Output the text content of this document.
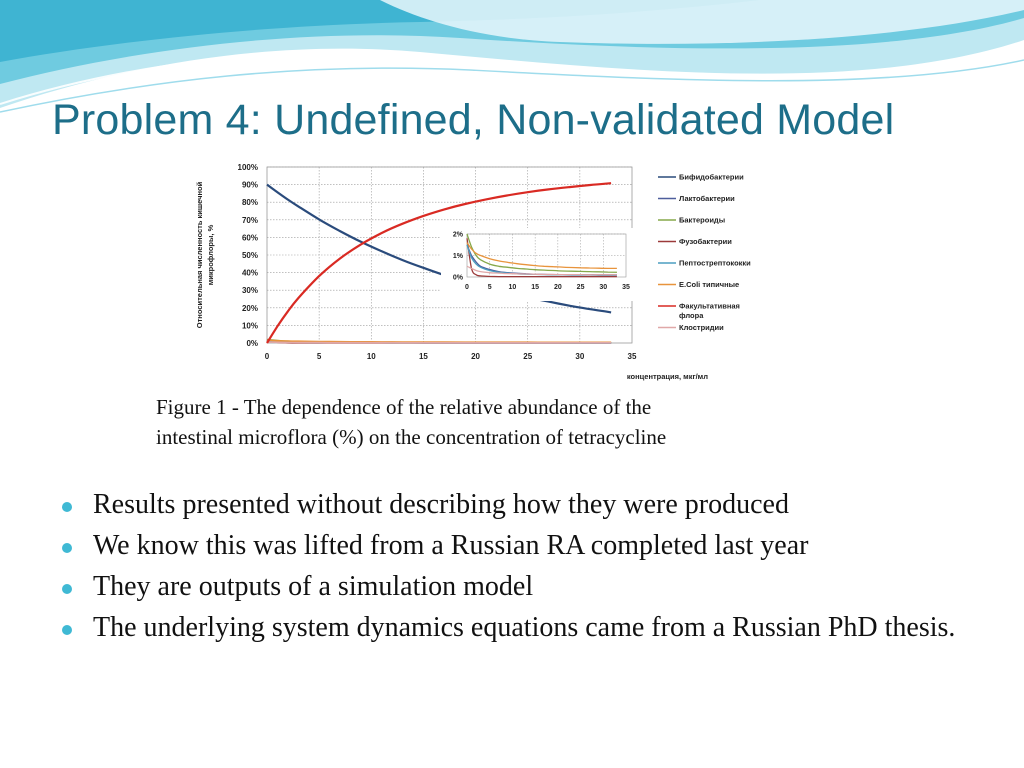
Problem 4: Undefined, Non-validated Model
0%
10%
20%
30%
40%
50%
60%
70%
80%
90%
100%
0	5	10	15	20	25	30	35
0%
1%
2%
0	5 10 15 20 25 30 35
Относительная численность кишечной микрофлоры, %
концентрация, мкг/мл
Бифидобактерии
Лактобактерии
Бактероиды
Фузобактерии
Пептострептококки
E.Coli типичные
Факультативная
флора
Клостридии
Figure 1 - The dependence of the relative abundance of the
intestinal microflora (%) on the concentration of tetracycline
Results presented without describing how they were produced
We know this was lifted from a Russian RA completed last year
They are outputs of a simulation model
The underlying system dynamics equations came from a Russian PhD thesis.
